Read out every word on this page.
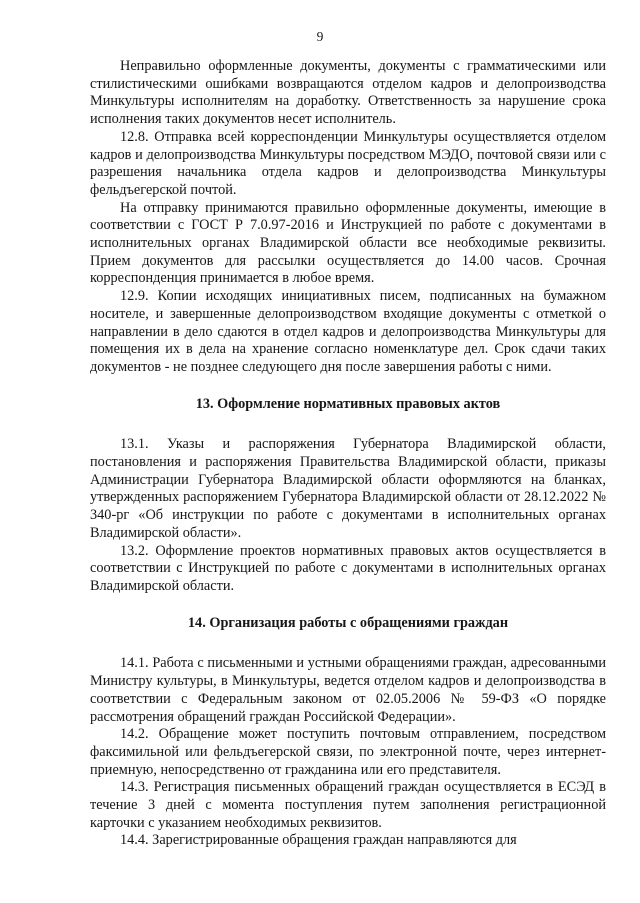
9

Неправильно оформленные документы, документы с грамматическими или стилистическими ошибками возвращаются отделом кадров и делопроизводства Минкультуры исполнителям на доработку. Ответственность за нарушение срока исполнения таких документов несет исполнитель.

12.8. Отправка всей корреспонденции Минкультуры осуществляется отделом кадров и делопроизводства Минкультуры посредством МЭДО, почтовой связи или с разрешения начальника отдела кадров и делопроизводства Минкультуры фельдъегерской почтой.

На отправку принимаются правильно оформленные документы, имеющие в соответствии с ГОСТ Р 7.0.97-2016 и Инструкцией по работе с документами в исполнительных органах Владимирской области все необходимые реквизиты. Прием документов для рассылки осуществляется до 14.00 часов. Срочная корреспонденция принимается в любое время.

12.9. Копии исходящих инициативных писем, подписанных на бумажном носителе, и завершенные делопроизводством входящие документы с отметкой о направлении в дело сдаются в отдел кадров и делопроизводства Минкультуры для помещения их в дела на хранение согласно номенклатуре дел. Срок сдачи таких документов - не позднее следующего дня после завершения работы с ними.

13. Оформление нормативных правовых актов

13.1. Указы и распоряжения Губернатора Владимирской области, постановления и распоряжения Правительства Владимирской области, приказы Администрации Губернатора Владимирской области оформляются на бланках, утвержденных распоряжением Губернатора Владимирской области от 28.12.2022 № 340-рг «Об инструкции по работе с документами в исполнительных органах Владимирской области».

13.2. Оформление проектов нормативных правовых актов осуществляется в соответствии с Инструкцией по работе с документами в исполнительных органах Владимирской области.

14. Организация работы с обращениями граждан

14.1. Работа с письменными и устными обращениями граждан, адресованными Министру культуры, в Минкультуры, ведется отделом кадров и делопроизводства в соответствии с Федеральным законом от 02.05.2006 № 59-ФЗ «О порядке рассмотрения обращений граждан Российской Федерации».

14.2. Обращение может поступить почтовым отправлением, посредством факсимильной или фельдъегерской связи, по электронной почте, через интернет-приемную, непосредственно от гражданина или его представителя.

14.3. Регистрация письменных обращений граждан осуществляется в ЕСЭД в течение 3 дней с момента поступления путем заполнения регистрационной карточки с указанием необходимых реквизитов.

14.4. Зарегистрированные обращения граждан направляются для
